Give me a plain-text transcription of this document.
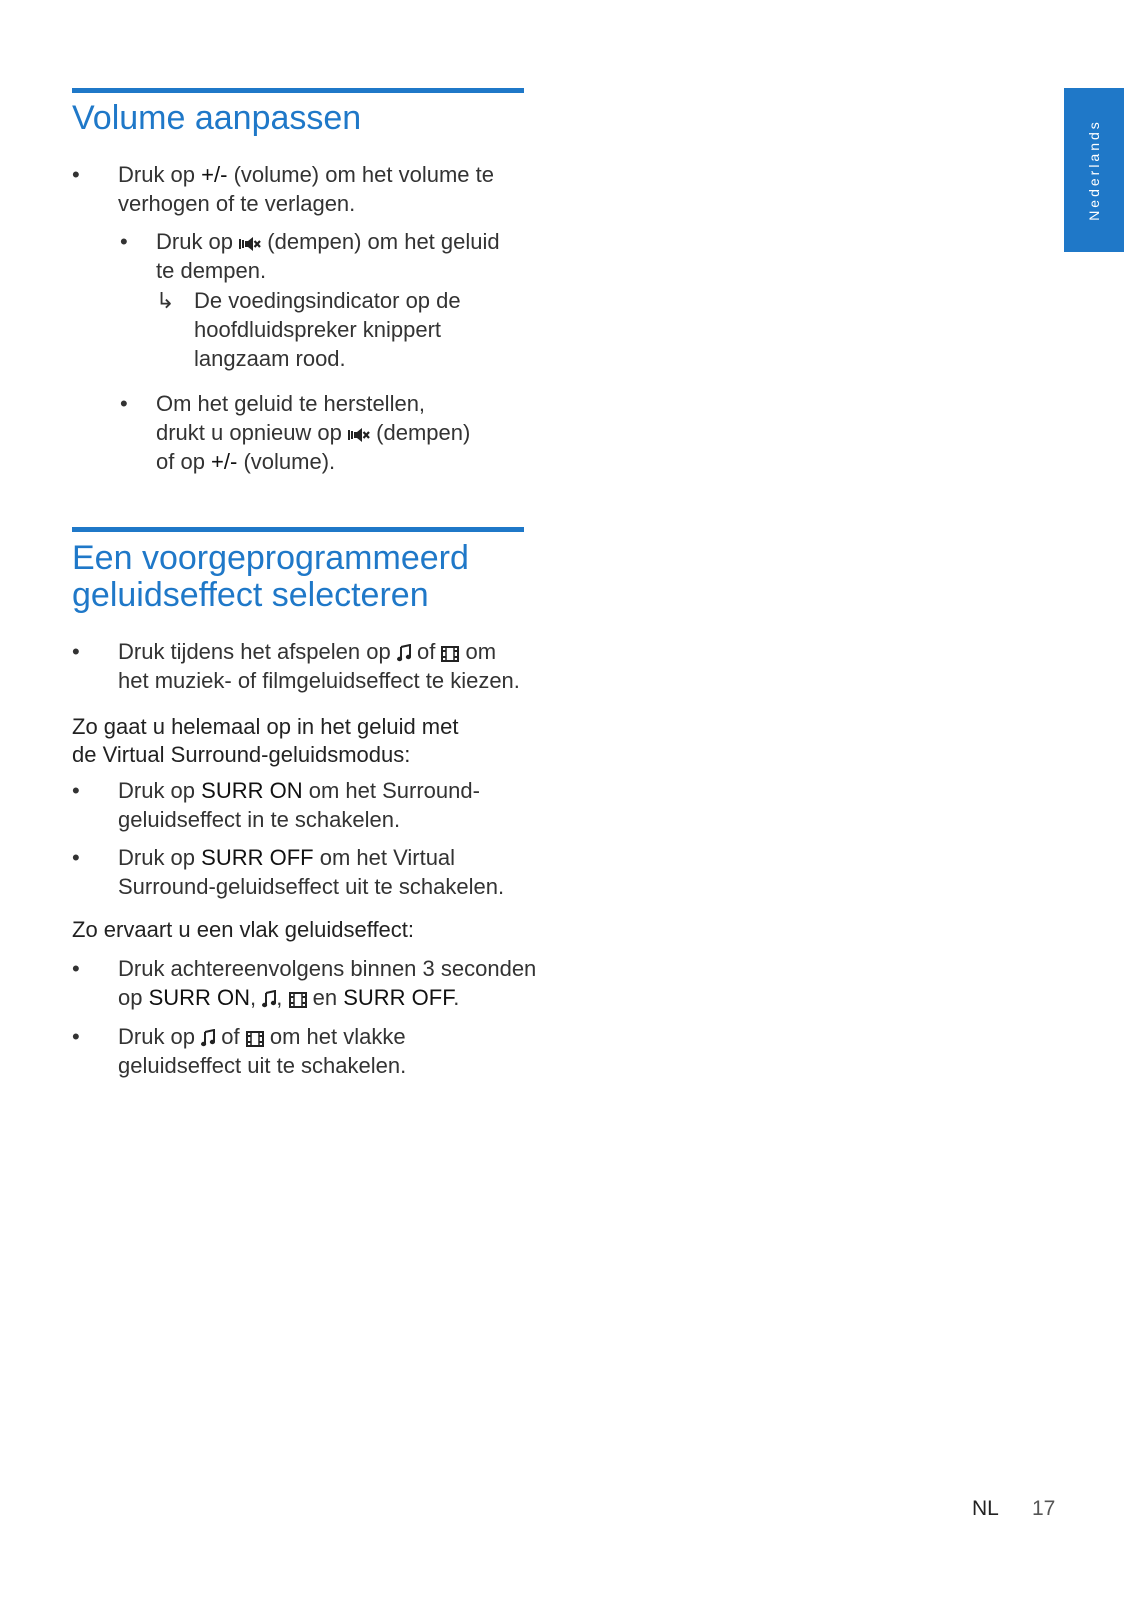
Nederlands
Volume aanpassen
• Druk op +/- (volume) om het volume te
verhogen of te verlagen.

• Druk op  (dempen) om het geluid
te dempen.

↳ De voedingsindicator op de
hoofdluidspreker knippert
langzaam rood.

• Om het geluid te herstellen,
drukt u opnieuw op  (dempen)
of op +/- (volume).

Een voorgeprogrammeerd
geluidseffect selecteren
• Druk tijdens het afspelen op  of  om
het muziek- of filmgeluidseffect te kiezen.

Zo gaat u helemaal op in het geluid met
de Virtual Surround-geluidsmodus:

• Druk op SURR ON om het Surround-
geluidseffect in te schakelen.

• Druk op SURR OFF om het Virtual
Surround-geluidseffect uit te schakelen.

Zo ervaart u een vlak geluidseffect:

• Druk achtereenvolgens binnen 3 seconden
op SURR ON, ,  en SURR OFF.

• Druk op  of  om het vlakke
geluidseffect uit te schakelen.

NL 17
